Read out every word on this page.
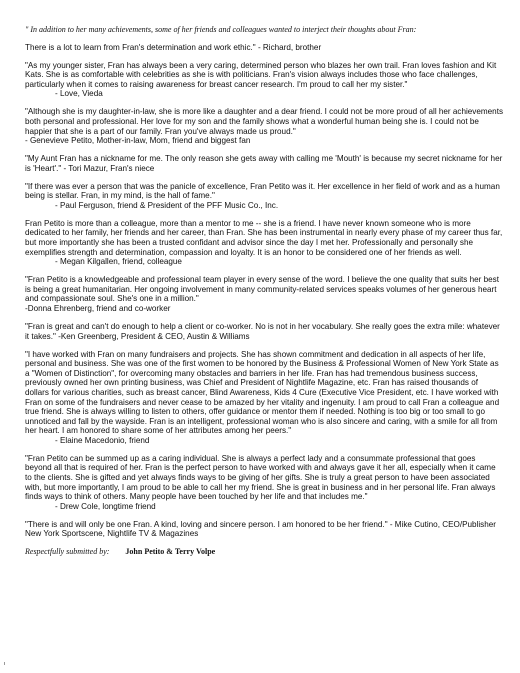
" In addition to her many achievements, some of her friends and colleagues wanted to interject their thoughts about Fran:

There is a lot to learn from Fran's determination and work ethic." - Richard, brother

"As my younger sister, Fran has always been a very caring, determined person who blazes her own trail. Fran loves fashion and Kit Kats. She is as comfortable with celebrities as she is with politicians. Fran's vision always includes those who face challenges, particularly when it comes to raising awareness for breast cancer research. I'm proud to call her my sister."

- Love, Vieda

"Although she is my daughter-in-law, she is more like a daughter and a dear friend. I could not be more proud of all her achievements both personal and professional. Her love for my son and the family shows what a wonderful human being she is. I could not be happier that she is a part of our family. Fran you've always made us proud."

- Genevieve Petito, Mother-in-law, Mom, friend and biggest fan

"My Aunt Fran has a nickname for me. The only reason she gets away with calling me 'Mouth' is because my secret nickname for her is 'Heart'." - Tori Mazur, Fran's niece

"If there was ever a person that was the panicle of excellence, Fran Petito was it. Her excellence in her field of work and as a human being is stellar. Fran, in my mind, is the hall of fame."

- Paul Ferguson, friend & President of the PFF Music Co., Inc.

Fran Petito is more than a colleague, more than a mentor to me -- she is a friend. I have never known someone who is more dedicated to her family, her friends and her career, than Fran. She has been instrumental in nearly every phase of my career thus far, but more importantly she has been a trusted confidant and advisor since the day I met her. Professionally and personally she exemplifies strength and determination, compassion and loyalty. It is an honor to be considered one of her friends as well.

- Megan Kilgallen, friend, colleague

"Fran Petito is a knowledgeable and professional team player in every sense of the word. I believe the one quality that suits her best is being a great humanitarian. Her ongoing involvement in many community-related services speaks volumes of her generous heart and compassionate soul. She's one in a million."

-Donna Ehrenberg, friend and co-worker

"Fran is great and can't do enough to help a client or co-worker. No is not in her vocabulary. She really goes the extra mile: whatever it takes." -Ken Greenberg, President & CEO, Austin & Williams

"I have worked with Fran on many fundraisers and projects. She has shown commitment and dedication in all aspects of her life, personal and business. She was one of the first women to be honored by the Business & Professional Women of New York State as a "Women of Distinction", for overcoming many obstacles and barriers in her life. Fran has had tremendous business success, previously owned her own printing business, was Chief and President of Nightlife Magazine, etc. Fran has raised thousands of dollars for various charities, such as breast cancer, Blind Awareness, Kids 4 Cure (Executive Vice President, etc. I have worked with Fran on some of the fundraisers and never cease to be amazed by her vitality and ingenuity. I am proud to call Fran a colleague and true friend. She is always willing to listen to others, offer guidance or mentor them if needed. Nothing is too big or too small to go unnoticed and fall by the wayside. Fran is an intelligent, professional woman who is also sincere and caring, with a smile for all from her heart. I am honored to share some of her attributes among her peers."

- Elaine Macedonio, friend

"Fran Petito can be summed up as a caring individual. She is always a perfect lady and a consummate professional that goes beyond all that is required of her. Fran is the perfect person to have worked with and always gave it her all, especially when it came to the clients. She is gifted and yet always finds ways to be giving of her gifts. She is truly a great person to have been associated with, but more importantly, I am proud to be able to call her my friend. She is great in business and in her personal life. Fran always finds ways to think of others. Many people have been touched by her life and that includes me."

- Drew Cole, longtime friend

"There is and will only be one Fran. A kind, loving and sincere person. I am honored to be her friend." - Mike Cutino, CEO/Publisher New York Sportscene, Nightlife TV & Magazines

Respectfully submitted by: John Petito & Terry Volpe
